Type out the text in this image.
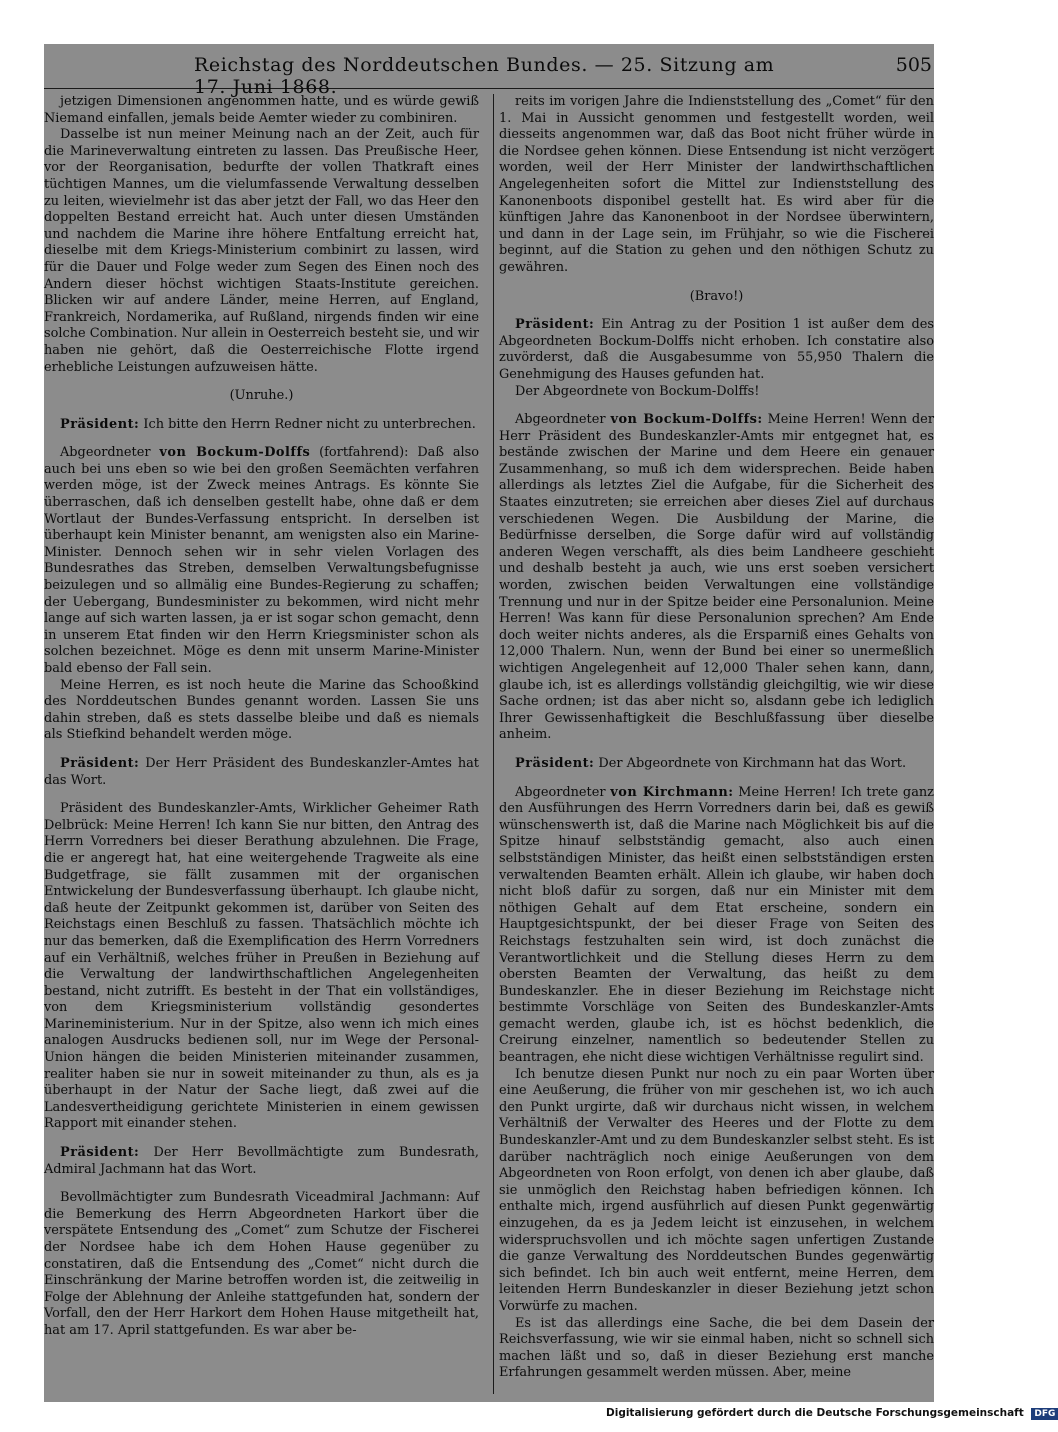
Reichstag des Norddeutschen Bundes. — 25. Sitzung am 17. Juni 1868.
505

jetzigen Dimensionen angenommen hatte, und es würde gewiß Niemand einfallen, jemals beide Aemter wieder zu combiniren.

Dasselbe ist nun meiner Meinung nach an der Zeit, auch für die Marineverwaltung eintreten zu lassen. Das Preußische Heer, vor der Reorganisation, bedurfte der vollen Thatkraft eines tüchtigen Mannes, um die vielumfassende Verwaltung desselben zu leiten, wievielmehr ist das aber jetzt der Fall, wo das Heer den doppelten Bestand erreicht hat. Auch unter diesen Umständen und nachdem die Marine ihre höhere Entfaltung erreicht hat, dieselbe mit dem Kriegs-Ministerium combinirt zu lassen, wird für die Dauer und Folge weder zum Segen des Einen noch des Andern dieser höchst wichtigen Staats-Institute gereichen. Blicken wir auf andere Länder, meine Herren, auf England, Frankreich, Nordamerika, auf Rußland, nirgends finden wir eine solche Combination. Nur allein in Oesterreich besteht sie, und wir haben nie gehört, daß die Oesterreichische Flotte irgend erhebliche Leistungen aufzuweisen hätte.

(Unruhe.)

Präsident: Ich bitte den Herrn Redner nicht zu unterbrechen.

Abgeordneter von Bockum-Dolffs (fortfahrend): Daß also auch bei uns eben so wie bei den großen Seemächten verfahren werden möge, ist der Zweck meines Antrags. Es könnte Sie überraschen, daß ich denselben gestellt habe, ohne daß er dem Wortlaut der Bundes-Verfassung entspricht. In derselben ist überhaupt kein Minister benannt, am wenigsten also ein Marine-Minister. Dennoch sehen wir in sehr vielen Vorlagen des Bundesrathes das Streben, demselben Verwaltungsbefugnisse beizulegen und so allmälig eine Bundes-Regierung zu schaffen; der Uebergang, Bundesminister zu bekommen, wird nicht mehr lange auf sich warten lassen, ja er ist sogar schon gemacht, denn in unserem Etat finden wir den Herrn Kriegsminister schon als solchen bezeichnet. Möge es denn mit unserm Marine-Minister bald ebenso der Fall sein.

Meine Herren, es ist noch heute die Marine das Schooßkind des Norddeutschen Bundes genannt worden. Lassen Sie uns dahin streben, daß es stets dasselbe bleibe und daß es niemals als Stiefkind behandelt werden möge.

Präsident: Der Herr Präsident des Bundeskanzler-Amtes hat das Wort.

Präsident des Bundeskanzler-Amts, Wirklicher Geheimer Rath Delbrück: Meine Herren! Ich kann Sie nur bitten, den Antrag des Herrn Vorredners bei dieser Berathung abzulehnen. Die Frage, die er angeregt hat, hat eine weitergehende Tragweite als eine Budgetfrage, sie fällt zusammen mit der organischen Entwickelung der Bundesverfassung überhaupt. Ich glaube nicht, daß heute der Zeitpunkt gekommen ist, darüber von Seiten des Reichstags einen Beschluß zu fassen. Thatsächlich möchte ich nur das bemerken, daß die Exemplification des Herrn Vorredners auf ein Verhältniß, welches früher in Preußen in Beziehung auf die Verwaltung der landwirthschaftlichen Angelegenheiten bestand, nicht zutrifft. Es besteht in der That ein vollständiges, von dem Kriegsministerium vollständig gesondertes Marineministerium. Nur in der Spitze, also wenn ich mich eines analogen Ausdrucks bedienen soll, nur im Wege der Personal-Union hängen die beiden Ministerien miteinander zusammen, realiter haben sie nur in soweit miteinander zu thun, als es ja überhaupt in der Natur der Sache liegt, daß zwei auf die Landesvertheidigung gerichtete Ministerien in einem gewissen Rapport mit einander stehen.

Präsident: Der Herr Bevollmächtigte zum Bundesrath, Admiral Jachmann hat das Wort.

Bevollmächtigter zum Bundesrath Viceadmiral Jachmann: Auf die Bemerkung des Herrn Abgeordneten Harkort über die verspätete Entsendung des „Comet“ zum Schutze der Fischerei der Nordsee habe ich dem Hohen Hause gegenüber zu constatiren, daß die Entsendung des „Comet“ nicht durch die Einschränkung der Marine betroffen worden ist, die zeitweilig in Folge der Ablehnung der Anleihe stattgefunden hat, sondern der Vorfall, den der Herr Harkort dem Hohen Hause mitgetheilt hat, hat am 17. April stattgefunden. Es war aber be-

reits im vorigen Jahre die Indienststellung des „Comet“ für den 1. Mai in Aussicht genommen und festgestellt worden, weil diesseits angenommen war, daß das Boot nicht früher würde in die Nordsee gehen können. Diese Entsendung ist nicht verzögert worden, weil der Herr Minister der landwirthschaftlichen Angelegenheiten sofort die Mittel zur Indienststellung des Kanonenboots disponibel gestellt hat. Es wird aber für die künftigen Jahre das Kanonenboot in der Nordsee überwintern, und dann in der Lage sein, im Frühjahr, so wie die Fischerei beginnt, auf die Station zu gehen und den nöthigen Schutz zu gewähren.

(Bravo!)

Präsident: Ein Antrag zu der Position 1 ist außer dem des Abgeordneten Bockum-Dolffs nicht erhoben. Ich constatire also zuvörderst, daß die Ausgabesumme von 55,950 Thalern die Genehmigung des Hauses gefunden hat.

Der Abgeordnete von Bockum-Dolffs!

Abgeordneter von Bockum-Dolffs: Meine Herren! Wenn der Herr Präsident des Bundeskanzler-Amts mir entgegnet hat, es bestände zwischen der Marine und dem Heere ein genauer Zusammenhang, so muß ich dem widersprechen. Beide haben allerdings als letztes Ziel die Aufgabe, für die Sicherheit des Staates einzutreten; sie erreichen aber dieses Ziel auf durchaus verschiedenen Wegen. Die Ausbildung der Marine, die Bedürfnisse derselben, die Sorge dafür wird auf vollständig anderen Wegen verschafft, als dies beim Landheere geschieht und deshalb besteht ja auch, wie uns erst soeben versichert worden, zwischen beiden Verwaltungen eine vollständige Trennung und nur in der Spitze beider eine Personalunion. Meine Herren! Was kann für diese Personalunion sprechen? Am Ende doch weiter nichts anderes, als die Ersparniß eines Gehalts von 12,000 Thalern. Nun, wenn der Bund bei einer so unermeßlich wichtigen Angelegenheit auf 12,000 Thaler sehen kann, dann, glaube ich, ist es allerdings vollständig gleichgiltig, wie wir diese Sache ordnen; ist das aber nicht so, alsdann gebe ich lediglich Ihrer Gewissenhaftigkeit die Beschlußfassung über dieselbe anheim.

Präsident: Der Abgeordnete von Kirchmann hat das Wort.

Abgeordneter von Kirchmann: Meine Herren! Ich trete ganz den Ausführungen des Herrn Vorredners darin bei, daß es gewiß wünschenswerth ist, daß die Marine nach Möglichkeit bis auf die Spitze hinauf selbstständig gemacht, also auch einen selbstständigen Minister, das heißt einen selbstständigen ersten verwaltenden Beamten erhält. Allein ich glaube, wir haben doch nicht bloß dafür zu sorgen, daß nur ein Minister mit dem nöthigen Gehalt auf dem Etat erscheine, sondern ein Hauptgesichtspunkt, der bei dieser Frage von Seiten des Reichstags festzuhalten sein wird, ist doch zunächst die Verantwortlichkeit und die Stellung dieses Herrn zu dem obersten Beamten der Verwaltung, das heißt zu dem Bundeskanzler. Ehe in dieser Beziehung im Reichstage nicht bestimmte Vorschläge von Seiten des Bundeskanzler-Amts gemacht werden, glaube ich, ist es höchst bedenklich, die Creirung einzelner, namentlich so bedeutender Stellen zu beantragen, ehe nicht diese wichtigen Verhältnisse regulirt sind.

Ich benutze diesen Punkt nur noch zu ein paar Worten über eine Aeußerung, die früher von mir geschehen ist, wo ich auch den Punkt urgirte, daß wir durchaus nicht wissen, in welchem Verhältniß der Verwalter des Heeres und der Flotte zu dem Bundeskanzler-Amt und zu dem Bundeskanzler selbst steht. Es ist darüber nachträglich noch einige Aeußerungen von dem Abgeordneten von Roon erfolgt, von denen ich aber glaube, daß sie unmöglich den Reichstag haben befriedigen können. Ich enthalte mich, irgend ausführlich auf diesen Punkt gegenwärtig einzugehen, da es ja Jedem leicht ist einzusehen, in welchem widerspruchsvollen und ich möchte sagen unfertigen Zustande die ganze Verwaltung des Norddeutschen Bundes gegenwärtig sich befindet. Ich bin auch weit entfernt, meine Herren, dem leitenden Herrn Bundeskanzler in dieser Beziehung jetzt schon Vorwürfe zu machen.

Es ist das allerdings eine Sache, die bei dem Dasein der Reichsverfassung, wie wir sie einmal haben, nicht so schnell sich machen läßt und so, daß in dieser Beziehung erst manche Erfahrungen gesammelt werden müssen. Aber, meine

Digitalisierung gefördert durch die Deutsche Forschungsgemeinschaft DFG
